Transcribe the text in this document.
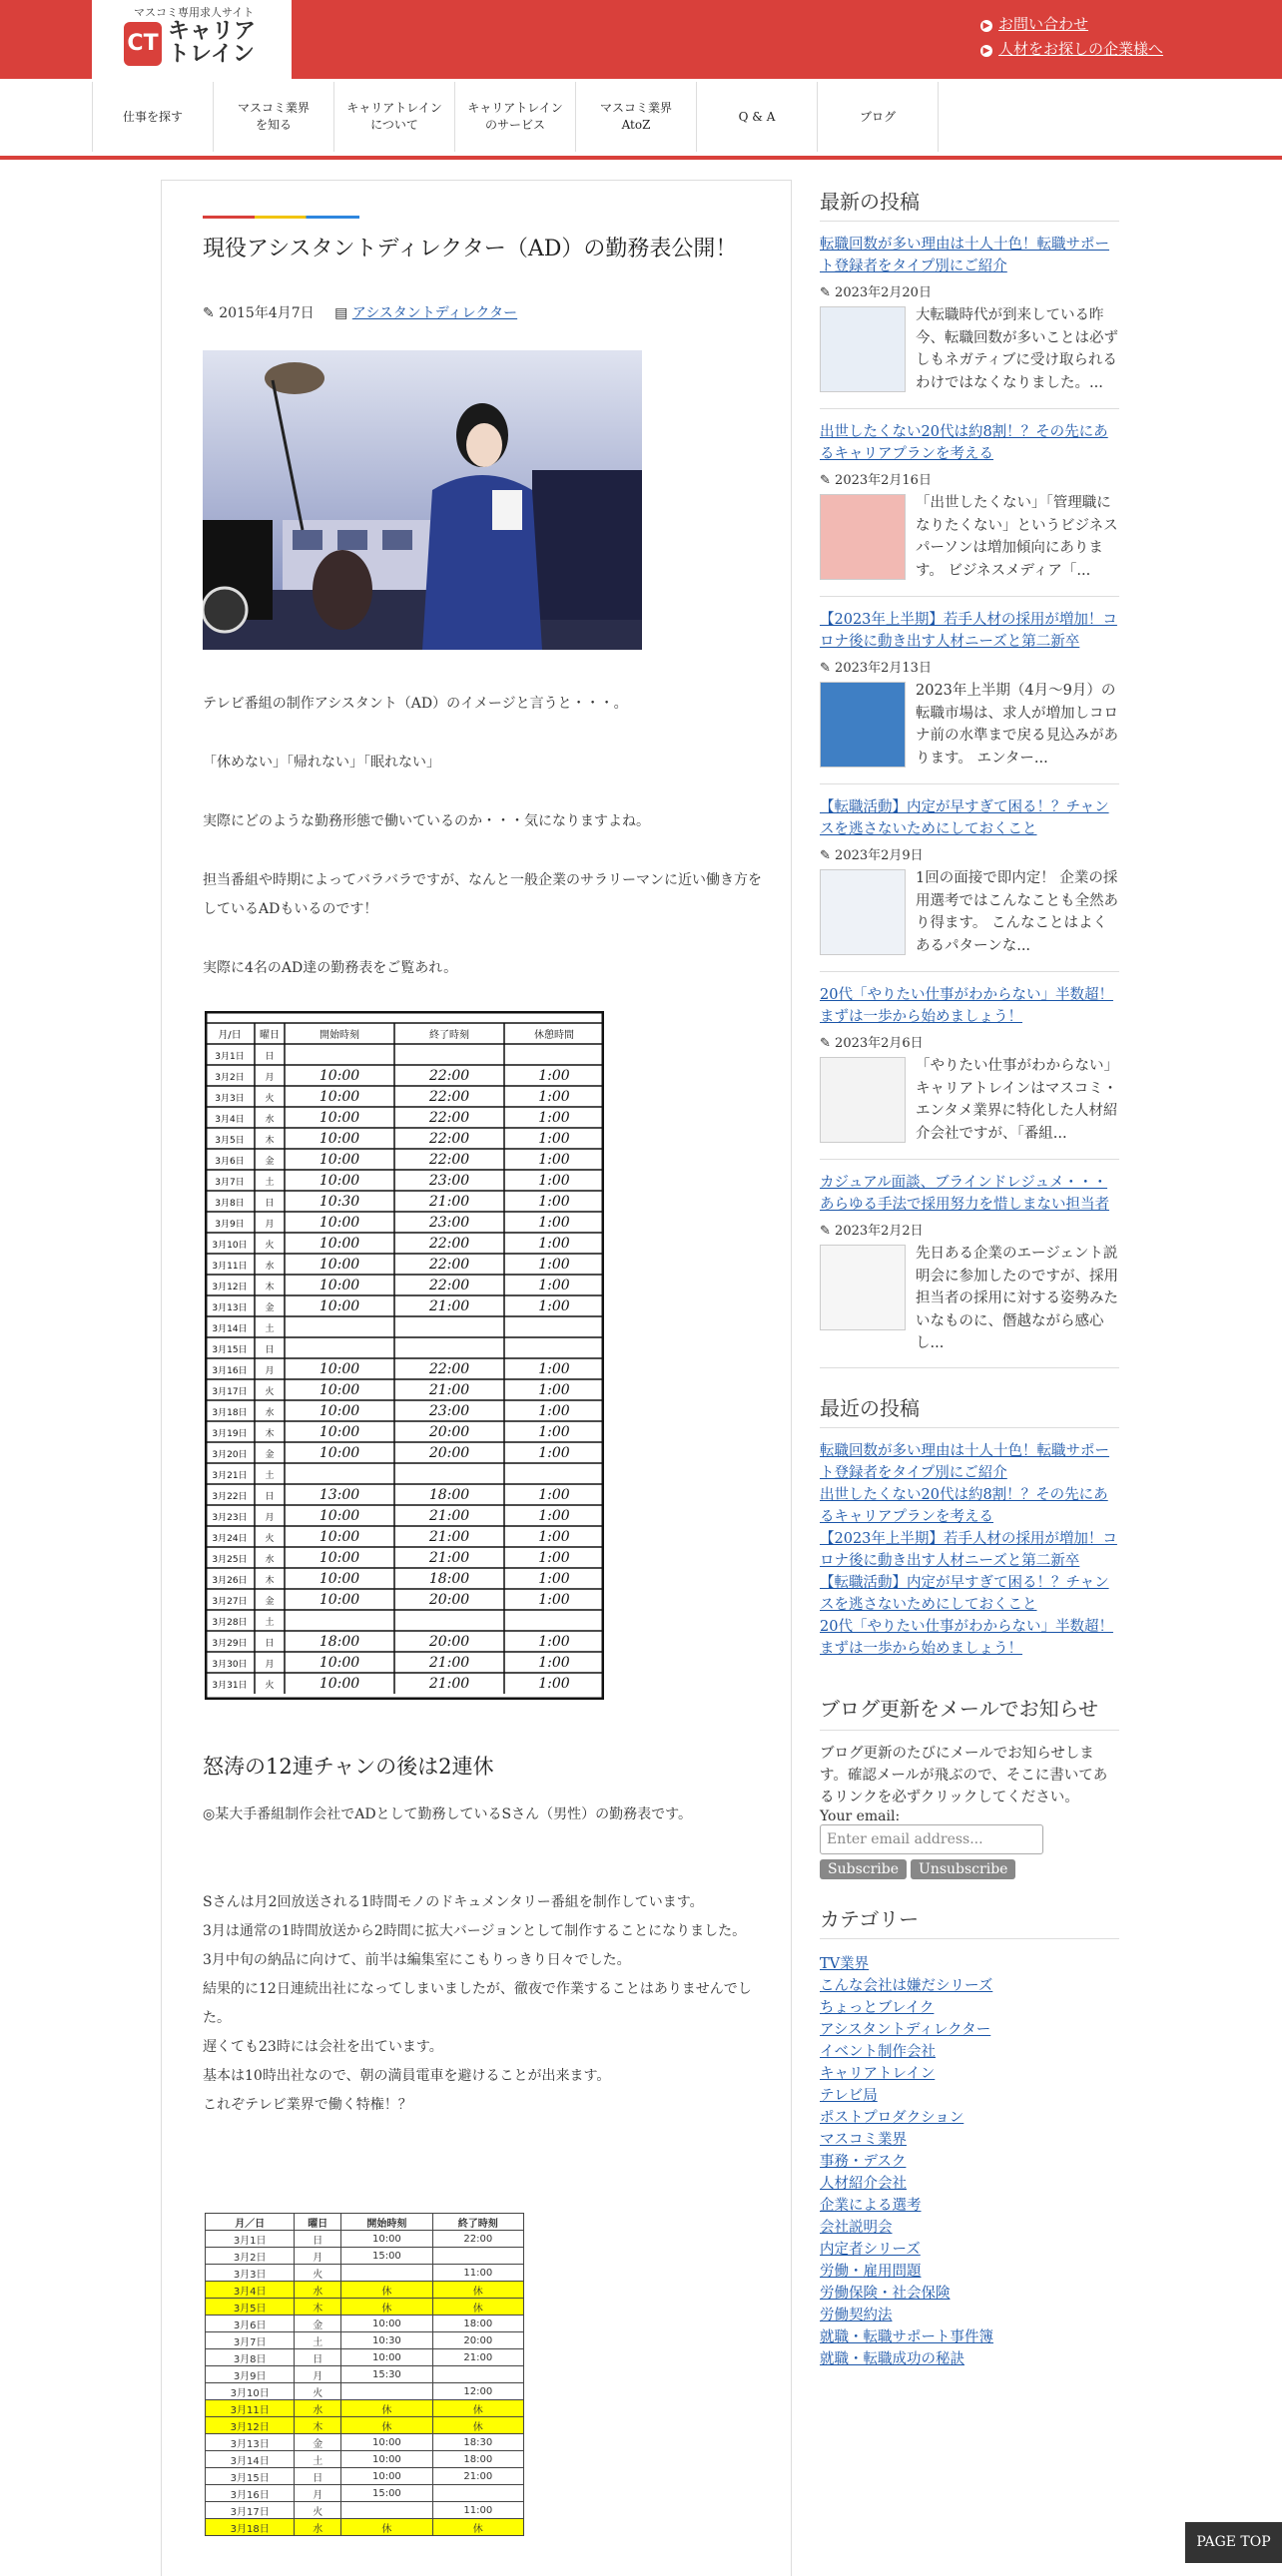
マスコミ専用求人サイト
CT キャリア
トレイン
▶ お問い合わせ
▶ 人材をお探しの企業様へ
仕事を探す
マスコミ業界
を知る
キャリアトレイン
について
キャリアトレイン
のサービス
マスコミ業界
AtoZ
Q & A	ブログ
現役アシスタントディレクター（AD）の勤務表公開！
✎ 2015年4月7日 ▤ アシスタントディレクター
テレビ番組の制作アシスタント（AD）のイメージと言うと・・・。
「休めない」「帰れない」「眠れない」
実際にどのような勤務形態で働いているのか・・・気になりますよね。
担当番組や時期によってバラバラですが、なんと一般企業のサラリーマンに近い働き方をしているADもいるのです！
実際に4名のAD達の勤務表をご覧あれ。
月/日 曜日	開始時刻	終了時刻	休憩時間
3月1日 日
3月2日 月	10:00	22:00	1:00
3月3日 火	10:00	22:00	1:00
3月4日 水	10:00	22:00	1:00
3月5日 木	10:00	22:00	1:00
3月6日 金	10:00	22:00	1:00
3月7日 土	10:00	23:00	1:00
3月8日 日	10:30	21:00	1:00
3月9日 月	10:00	23:00	1:00
3月10日 火	10:00	22:00	1:00
3月11日 水	10:00	22:00	1:00
3月12日 木	10:00	22:00	1:00
3月13日 金	10:00	21:00	1:00
3月14日 土
3月15日 日
3月16日 月	10:00	22:00	1:00
3月17日 火	10:00	21:00	1:00
3月18日 水	10:00	23:00	1:00
3月19日 木	10:00	20:00	1:00
3月20日 金	10:00	20:00	1:00
3月21日 土
3月22日 日	13:00	18:00	1:00
3月23日 月	10:00	21:00	1:00
3月24日 火	10:00	21:00	1:00
3月25日 水	10:00	21:00	1:00
3月26日 木	10:00	18:00	1:00
3月27日 金	10:00	20:00	1:00
3月28日 土
3月29日 日	18:00	20:00	1:00
3月30日 月	10:00	21:00	1:00
3月31日 火	10:00	21:00	1:00
怒涛の12連チャンの後は2連休
◎某大手番組制作会社でADとして勤務しているSさん（男性）の勤務表です。
Sさんは月2回放送される1時間モノのドキュメンタリー番組を制作しています。
3月は通常の1時間放送から2時間に拡大バージョンとして制作することになりました。
3月中旬の納品に向けて、前半は編集室にこもりっきり日々でした。
結果的に12日連続出社になってしまいましたが、徹夜で作業することはありませんでした。
遅くても23時には会社を出ています。
基本は10時出社なので、朝の満員電車を避けることが出来ます。
これぞテレビ業界で働く特権！？
月／日	曜日	開始時刻	終了時刻
3月1日	日	10:00	22:00
3月2日	月	15:00	
3月3日	火		11:00
3月4日	水	休	休
3月5日	木	休	休
3月6日	金	10:00	18:00
3月7日	土	10:30	20:00
3月8日	日	10:00	21:00
3月9日	月	15:30	
3月10日	火		12:00
3月11日	水	休	休
3月12日	木	休	休
3月13日	金	10:00	18:30
3月14日	土	10:00	18:00
3月15日	日	10:00	21:00
3月16日	月	15:00	
3月17日	火		11:00
3月18日	水	休	休
最新の投稿
転職回数が多い理由は十人十色！転職サポート登録者をタイプ別にご紹介
✎ 2023年2月20日
大転職時代が到来している昨今、転職回数が多いことは必ずしもネガティブに受け取られるわけではなくなりました。...
出世したくない20代は約8割！？その先にあるキャリアプランを考える
✎ 2023年2月16日
「出世したくない」「管理職になりたくない」というビジネスパーソンは増加傾向にあります。 ビジネスメディア「...
【2023年上半期】若手人材の採用が増加！コロナ後に動き出す人材ニーズと第二新卒
✎ 2023年2月13日
2023年上半期（4月～9月）の転職市場は、求人が増加しコロナ前の水準まで戻る見込みがあります。 エンター...
【転職活動】内定が早すぎて困る！？チャンスを逃さないためにしておくこと
✎ 2023年2月9日
1回の面接で即内定！ 企業の採用選考ではこんなことも全然あり得ます。 こんなことはよくあるパターンな...
20代「やりたい仕事がわからない」半数超！まずは一歩から始めましょう！
✎ 2023年2月6日
「やりたい仕事がわからない」 キャリアトレインはマスコミ・エンタメ業界に特化した人材紹介会社ですが、「番組...
カジュアル面談、ブラインドレジュメ・・・あらゆる手法で採用努力を惜しまない担当者
✎ 2023年2月2日
先日ある企業のエージェント説明会に参加したのですが、採用担当者の採用に対する姿勢みたいなものに、僭越ながら感心し...
最近の投稿
転職回数が多い理由は十人十色！転職サポート登録者をタイプ別にご紹介
出世したくない20代は約8割！？その先にあるキャリアプランを考える
【2023年上半期】若手人材の採用が増加！コロナ後に動き出す人材ニーズと第二新卒
【転職活動】内定が早すぎて困る！？チャンスを逃さないためにしておくこと
20代「やりたい仕事がわからない」半数超！まずは一歩から始めましょう！
ブログ更新をメールでお知らせ
ブログ更新のたびにメールでお知らせします。確認メールが飛ぶので、そこに書いてあるリンクを必ずクリックしてください。
Your email:
Enter email address...
Subscribe Unsubscribe
カテゴリー
TV業界
こんな会社は嫌だシリーズ
ちょっとブレイク
アシスタントディレクター
イベント制作会社
キャリアトレイン
テレビ局
ポストプロダクション
マスコミ業界
事務・デスク
人材紹介会社
企業による選考
会社説明会
内定者シリーズ
労働・雇用問題
労働保険・社会保険
労働契約法
就職・転職サポート事件簿
就職・転職成功の秘訣
PAGE TOP
